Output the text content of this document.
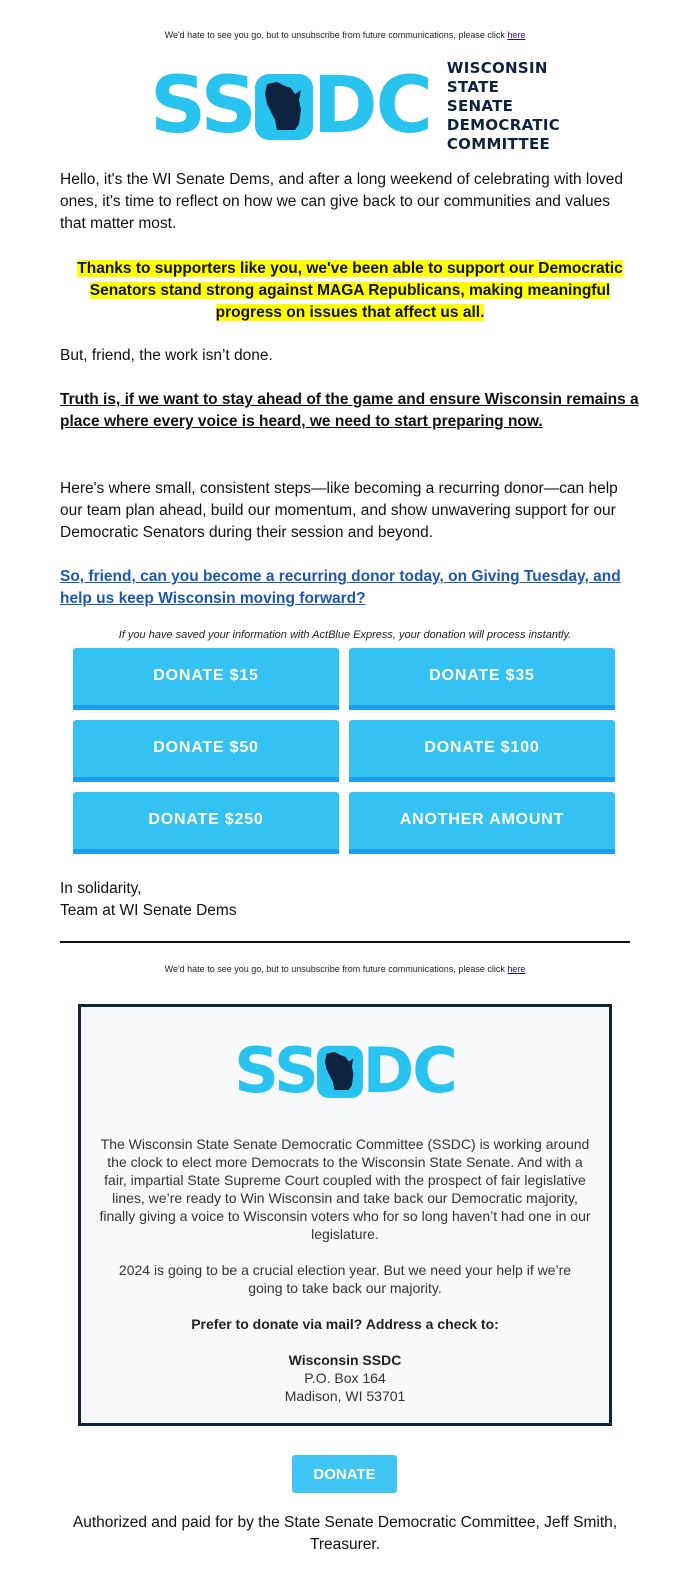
We'd hate to see you go, but to unsubscribe from future communications, please click here
SS DC WISCONSIN
STATE SENATE
DEMOCRATIC
COMMITTEE

Hello, it's the WI Senate Dems, and after a long weekend of celebrating with loved ones, it's time to reflect on how we can give back to our communities and values that matter most.

Thanks to supporters like you, we've been able to support our Democratic Senators stand strong against MAGA Republicans, making meaningful progress on issues that affect us all.

But, friend, the work isn’t done.

Truth is, if we want to stay ahead of the game and ensure Wisconsin remains a place where every voice is heard, we need to start preparing now.

Here's where small, consistent steps—like becoming a recurring donor—can help our team plan ahead, build our momentum, and show unwavering support for our Democratic Senators during their session and beyond.

So, friend, can you become a recurring donor today, on Giving Tuesday, and help us keep Wisconsin moving forward?

If you have saved your information with ActBlue Express, your donation will process instantly.
DONATE $15	DONATE $35
DONATE $50	DONATE $100
DONATE $250	ANOTHER AMOUNT
In solidarity,
Team at WI Senate Dems
We'd hate to see you go, but to unsubscribe from future communications, please click here
SS DC

The Wisconsin State Senate Democratic Committee (SSDC) is working around the clock to elect more Democrats to the Wisconsin State Senate. And with a fair, impartial State Supreme Court coupled with the prospect of fair legislative lines, we’re ready to Win Wisconsin and take back our Democratic majority, finally giving a voice to Wisconsin voters who for so long haven’t had one in our legislature.

2024 is going to be a crucial election year. But we need your help if we’re going to take back our majority.

Prefer to donate via mail? Address a check to:

Wisconsin SSDC

P.O. Box 164

Madison, WI 53701

DONATE
Authorized and paid for by the State Senate Democratic Committee, Jeff Smith, Treasurer.
